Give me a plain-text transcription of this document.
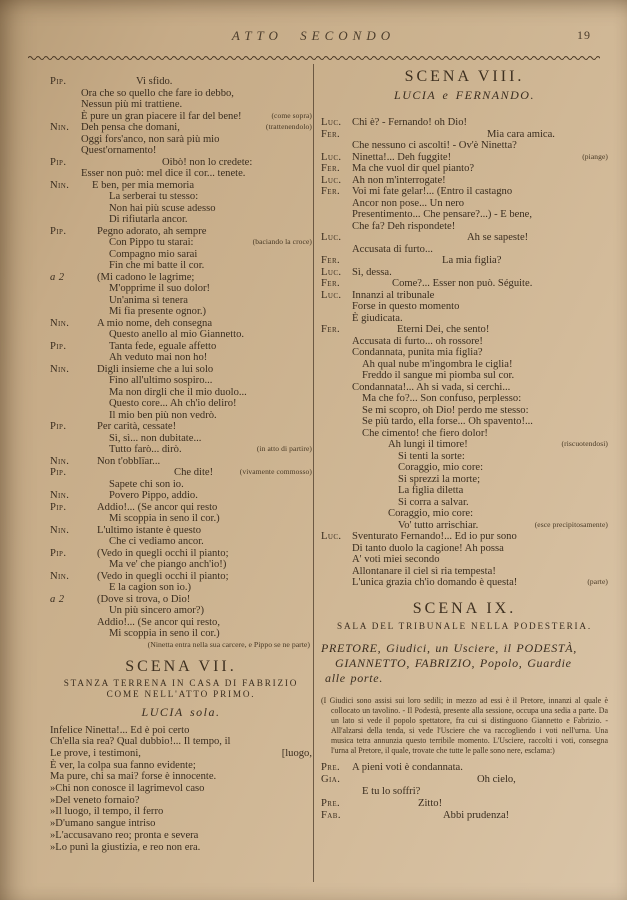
ATTO SECONDO	19
Pip.	Vi sfido.
Ora che so quello che fare io debbo,
Nessun più mi trattiene.
È pure un gran piacere il far del bene!	(come sopra)
Nin. Deh pensa che domani,	(trattenendolo)
Oggi fors'anco, non sarà più mio
Quest'ornamento!
Pip.	Oibò! non lo credete:
Esser non può: mel dice il cor... tenete.
Nin. E ben, per mia memoria
La serberai tu stesso:
Non hai più scuse adesso
Di rifiutarla ancor.
Pip.	Pegno adorato, ah sempre
Con Pippo tu starai:	(baciando la croce)
Compagno mio sarai
Fin che mi batte il cor.
a 2	(Mi cadono le lagrime;
M'opprime il suo dolor!
Un'anima sì tenera
Mi fia presente ognor.)
Nin.	A mio nome, deh consegna
Questo anello al mio Giannetto.
Pip.	Tanta fede, eguale affetto
Ah veduto mai non ho!
Nin.	Digli insieme che a lui solo
Fino all'ultimo sospiro...
Ma non dirgli che il mio duolo...
Questo core... Ah ch'io deliro!
Il mio ben più non vedrò.
Pip.	Per carità, cessate!
Sì, sì... non dubitate...
Tutto farò... dirò.	(in atto di partire)
Nin.	Non t'obblïar...
Pip.	Che dite!	(vivamente commosso)
Sapete chi son io.
Nin.	Povero Pippo, addio.
Pip.	Addio!... (Se ancor qui resto
Mi scoppia in seno il cor.)
Nin.	L'ultimo istante è questo
Che ci vediamo ancor.
Pip.	(Vedo in quegli occhi il pianto;
Ma ve' che piango anch'io!)
Nin.	(Vedo in quegli occhi il pianto;
E la cagion son io.)
a 2	(Dove si trova, o Dio!
Un più sincero amor?)
Addio!... (Se ancor qui resto,
Mi scoppia in seno il cor.)
(Ninetta entra nella sua carcere, e Pippo se ne parte)
SCENA VII.
STANZA TERRENA IN CASA DI FABRIZIO
COME NELL'ATTO PRIMO.
LUCIA sola.
Infelice Ninetta!... Ed è poi certo
Ch'ella sia rea? Qual dubbio!... Il tempo, il
Le prove, i testimoni,	[luogo,
È ver, la colpa sua fanno evidente;
Ma pure, chi sa mai? forse è innocente.
»Chi non conosce il lagrimevol caso
»Del veneto fornaio?
»Il luogo, il tempo, il ferro
»D'umano sangue intriso
»L'accusavano reo; pronta e severa
»Lo punì la giustizia, e reo non era.
SCENA VIII.
LUCIA e FERNANDO.
Luc. Chi è? - Fernando! oh Dio!
Fer.	Mia cara amica.
Che nessuno ci ascolti! - Ov'è Ninetta?
Luc. Ninetta!... Deh fuggite!	(piange)
Fer. Ma che vuol dir quel pianto?
Luc. Ah non m'interrogate!
Fer. Voi mi fate gelar!... (Entro il castagno
Ancor non pose... Un nero
Presentimento... Che pensare?...) - E bene,
Che fa? Deh rispondete!
Luc.	Ah se sapeste!
Accusata di furto...
Fer.	La mia figlia?
Luc. Sì, dessa.
Fer.	Come?... Esser non può. Séguite.
Luc. Innanzi al tribunale
Forse in questo momento
È giudicata.
Fer.	Eterni Dei, che sento!
Accusata di furto... oh rossore!
Condannata, punita mia figlia?
Ah qual nube m'ingombra le ciglia!
Freddo il sangue mi piomba sul cor.
Condannata!... Ah si vada, si cerchi...
Ma che fo?... Son confuso, perplesso:
Se mi scopro, oh Dio! perdo me stesso:
Se più tardo, ella forse... Oh spavento!...
Che cimento! che fiero dolor!
Ah lungi il timore!	(riscuotendosi)
Si tenti la sorte:
Coraggio, mio core:
Si sprezzi la morte;
La figlia diletta
Si corra a salvar.
Coraggio, mio core:
Vo' tutto arrischiar.	(esce precipitosamente)
Luc. Sventurato Fernando!... Ed io pur sono
Di tanto duolo la cagione! Ah possa
A' voti miei secondo
Allontanare il ciel sì ria tempesta!
L'unica grazia ch'io domando è questa!	(parte)
SCENA IX.
SALA DEL TRIBUNALE NELLA PODESTERIA.
PRETORE, Giudici, un Usciere, il PODESTÀ,
GIANNETTO, FABRIZIO, Popolo, Guardie
alle porte.
(I Giudici sono assisi sui loro sedili; in mezzo ad essi è il Pretore, innanzi al quale è collocato un tavolino. - Il Podestà, presente alla sessione, occupa una sedia a parte. Da un lato si vede il popolo spettatore, fra cui si distinguono Giannetto e Fabrizio. - All'alzarsi della tenda, si vede l'Usciere che va raccogliendo i voti nell'urna. Una musica tetra annunzia questo terribile momento. L'Usciere, raccolti i voti, consegna l'urna al Pretore, il quale, trovate che tutte le palle sono nere, esclama:)
Pre. A pieni voti è condannata.
Gia.	Oh cielo,
E tu lo soffri?
Pre.	Zitto!
Fab.	Abbi prudenza!
